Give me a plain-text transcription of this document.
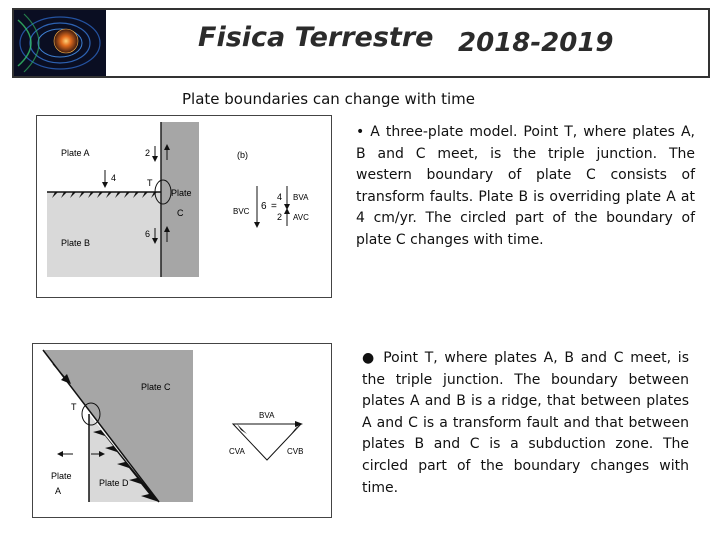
Fisica Terrestre 2018-2019
Plate boundaries can change with time
Plate A
Plate B
Plate
C
T
2
4
6
(b)
6 =
4
2
BVC
BVA
AVC
• A three-plate model. Point T, where plates A, B and C meet, is the triple junction. The western boundary of plate C consists of transform faults. Plate B is overriding plate A at 4 cm/yr. The circled part of the boundary of plate C changes with time.
Plate C
Plate D
Plate
A
T
BVA
CVA	CVB
● Point T, where plates A, B and C meet, is the triple junction. The boundary between plates A and B is a ridge, that between plates A and C is a transform fault and that between plates B and C is a subduction zone. The circled part of the boundary changes with time.
